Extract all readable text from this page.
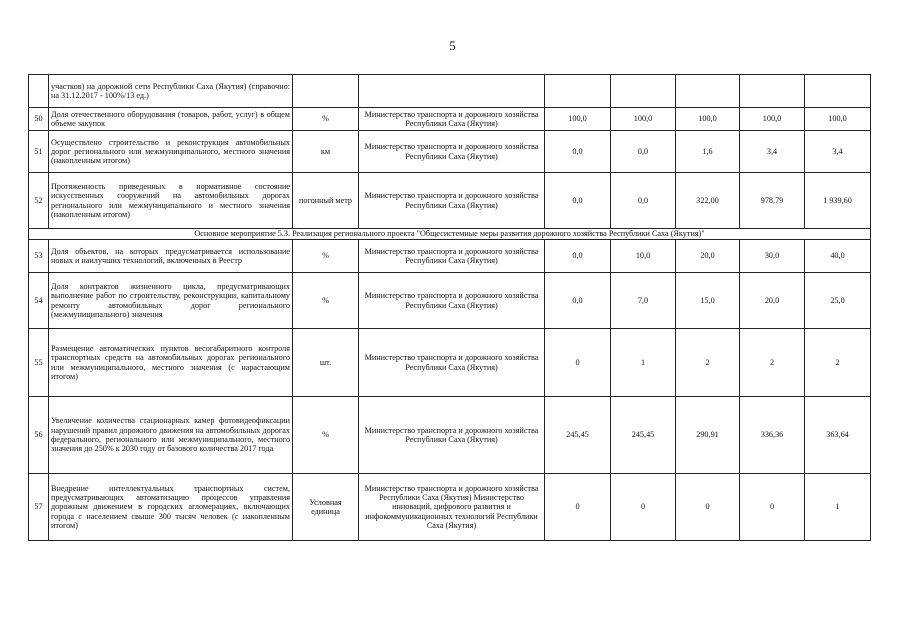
5
	участков) на дорожной сети Республики Саха (Якутия) (справочно: на 31.12.2017 - 100%/13 ед.)							
50	Доля отечественного оборудования (товаров, работ, услуг) в общем объеме закупок	%	Министерство транспорта и дорожного хозяйства Республики Саха (Якутия)	100,0	100,0	100,0	100,0	100,0
51	Осуществлено строительство и реконструкция автомобильных дорог регионального или межмуниципального, местного значения (накопленным итогом)	км	Министерство транспорта и дорожного хозяйства Республики Саха (Якутия)	0,0	0,0	1,6	3,4	3,4
52	Протяженность приведенных в нормативное состояние искусственных сооружений на автомобильных дорогах регионального или межмуниципального и местного значения (накопленным итогом)	погонный метр	Министерство транспорта и дорожного хозяйства Республики Саха (Якутия)	0,0	0,0	322,00	978,79	1 939,60
Основное мероприятие 5.3. Реализация регионального проекта "Общесистемные меры развития дорожного хозяйства Республики Саха (Якутия)"								
53	Доля объектов, на которых предусматривается использование новых и наилучших технологий, включенных в Реестр	%	Министерство транспорта и дорожного хозяйства Республики Саха (Якутия)	0,0	10,0	20,0	30,0	40,0
54	Доля контрактов жизненного цикла, предусматривающих выполнение работ по строительству, реконструкции, капитальному ремонту автомобильных дорог регионального (межмуниципального) значения	%	Министерство транспорта и дорожного хозяйства Республики Саха (Якутия)	0,0	7,0	15,0	20,0	25,0
55	Размещение автоматических пунктов весогабаритного контроля транспортных средств на автомобильных дорогах регионального или межмуниципального, местного значения (с нарастающим итогом)	шт.	Министерство транспорта и дорожного хозяйства Республики Саха (Якутия)	0	1	2	2	2
56	Увеличение количества стационарных камер фотовидеофиксации нарушений правил дорожного движения на автомобильных дорогах федерального, регионального или межмуниципального, местного значения до 250% к 2030 году от базового количества 2017 года	%	Министерство транспорта и дорожного хозяйства Республики Саха (Якутия)	245,45	245,45	290,91	336,36	363,64
57	Внедрение интеллектуальных транспортных систем, предусматривающих автоматизацию процессов управления дорожным движением в городских агломерациях, включающих города с населением свыше 300 тысяч человек (с накопленным итогом)	Условная единица	Министерство транспорта и дорожного хозяйства Республики Саха (Якутия) Министерство инноваций, цифрового развития и инфокоммуникационных технологий Республики Саха (Якутия)	0	0	0	0	1
